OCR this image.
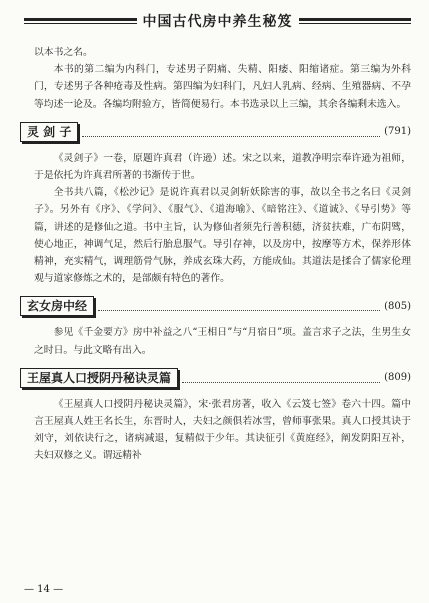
中国古代房中养生秘笈

以本书之名。

本书的第二编为内科门，专述男子阴痛、失精、阳痿、阳缩诸症。第三编为外科门，专述男子各种疮毒及性病。第四编为妇科门，凡妇人乳病、经病、生殖器病、不孕等均述一论及。各编均附验方，皆简便易行。本书选录以上三编，其余各编剩未选入。

灵 剑 子	(791)

《灵剑子》一卷，原题许真君（许逊）述。宋之以来，道教净明宗奉许逊为祖师，于是依托为许真君所著的书渐传于世。

全书共八篇，《松沙记》是说许真君以灵剑斩妖除害的事，故以全书之名曰《灵剑子》。另外有《序》、《学问》、《服气》、《道海喻》、《暗铭注》、《道诚》、《导引势》等篇，讲述的是修仙之道。书中主旨，认为修仙者须先行善积德，济贫扶难，广布阴骘，使心地正，神调气足，然后行胎息服气。导引存神，以及房中，按摩等方术，保养形体精神，充实精气，调理筋骨气脉，养成玄珠大药，方能成仙。其道法是揉合了儒家伦理观与道家修炼之术的，是部颇有特色的著作。

玄女房中经	(805)

参见《千金要方》房中补益之八“王相日”与“月宿日”项。盖言求子之法，生男生女之时日。与此文略有出入。

王屋真人口授阴丹秘诀灵篇	(809)

《王屋真人口授阴丹秘诀灵篇》，宋·张君房著，收入《云笈七签》卷六十四。篇中言王屋真人姓王名长生，东晋时人，夫妇之颜俱若冰雪，曾师事张果。真人口授其诀于刘守，刘依诀行之，诸病减退，复精似于少年。其诀征引《黄庭经》，阐发阴阳互补，夫妇双修之义。谓远精补

— 14 —
